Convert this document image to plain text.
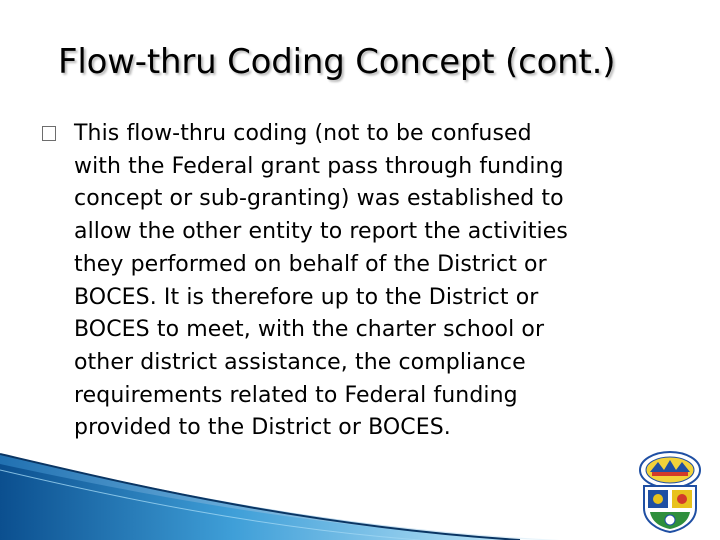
Flow-thru Coding Concept (cont.)
This flow-thru coding (not to be confused
with the Federal grant pass through funding
concept or sub-granting) was established to
allow the other entity to report the activities
they performed on behalf of the District or
BOCES. It is therefore up to the District or
BOCES to meet, with the charter school or
other district assistance, the compliance
requirements related to Federal funding
provided to the District or BOCES.
